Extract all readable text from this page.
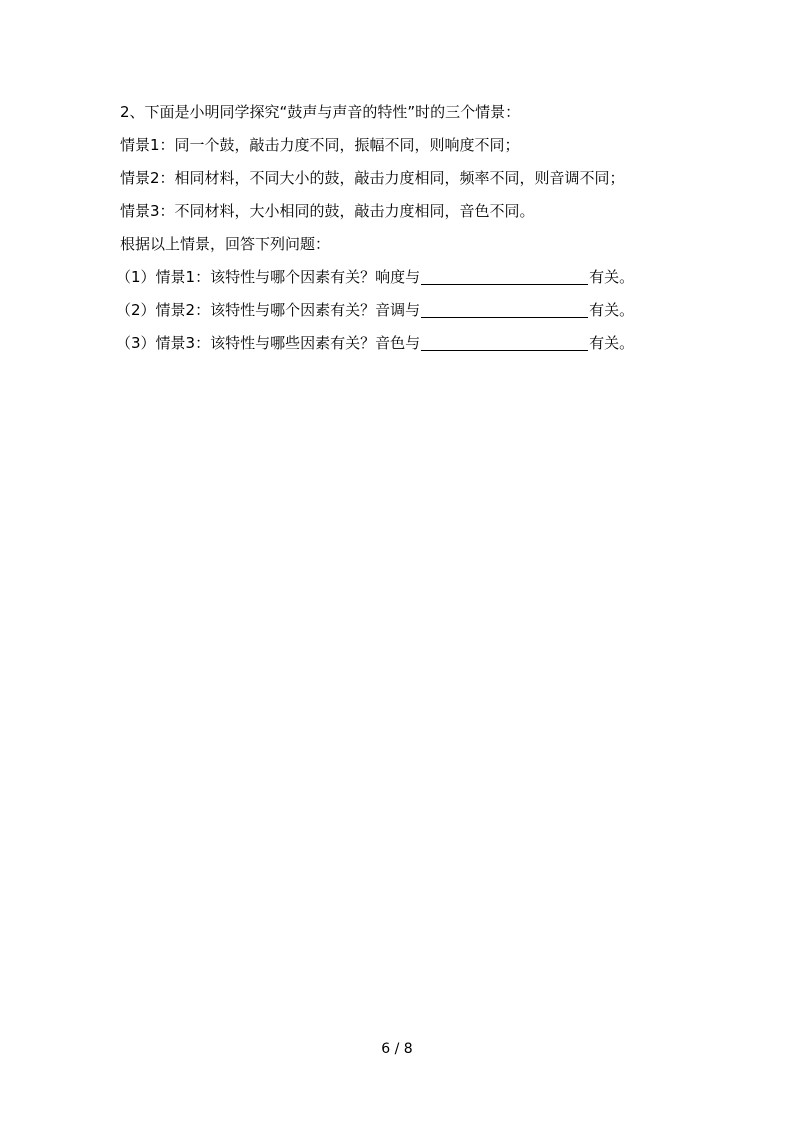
2、下面是小明同学探究“鼓声与声音的特性”时的三个情景：
情景1：同一个鼓，敲击力度不同，振幅不同，则响度不同；
情景2：相同材料，不同大小的鼓，敲击力度相同，频率不同，则音调不同；
情景3：不同材料，大小相同的鼓，敲击力度相同，音色不同。
根据以上情景，回答下列问题：
（1）情景1：该特性与哪个因素有关？响度与	有关。
（2）情景2：该特性与哪个因素有关？音调与	有关。
（3）情景3：该特性与哪些因素有关？音色与	有关。
6 / 8
